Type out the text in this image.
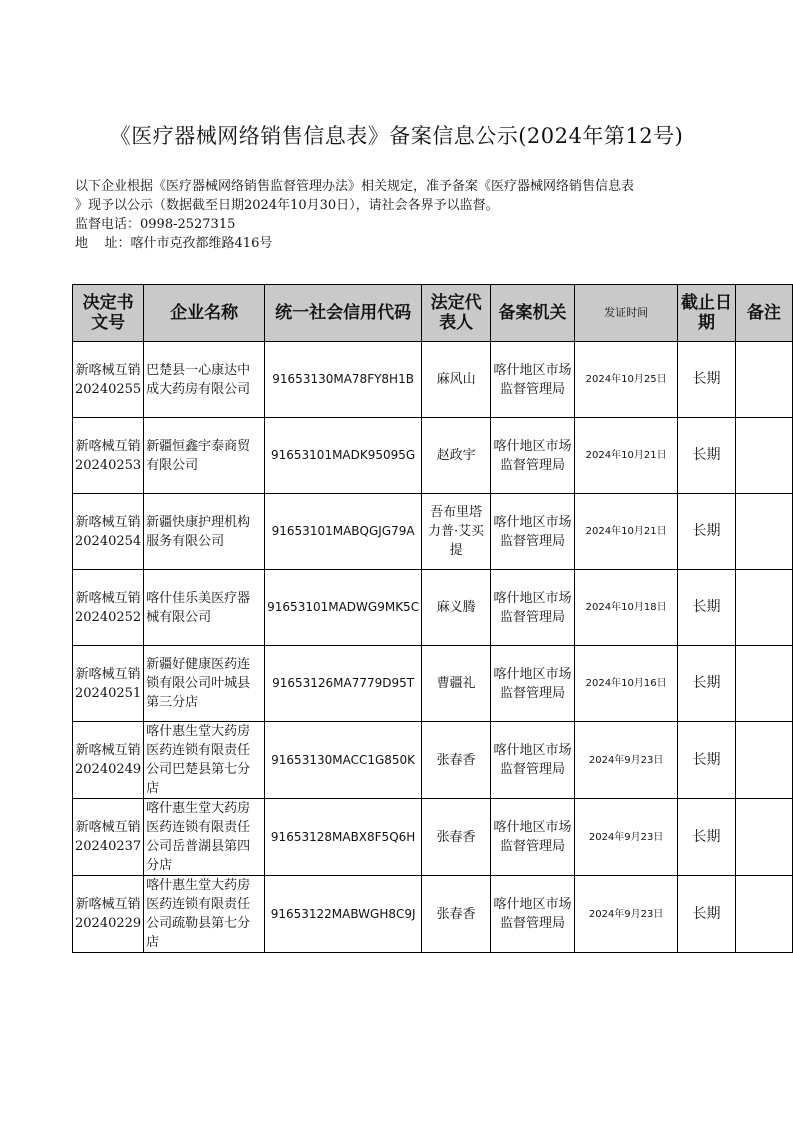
《医疗器械网络销售信息表》备案信息公示(2024年第12号)

以下企业根据《医疗器械网络销售监督管理办法》相关规定，准予备案《医疗器械网络销售信息表

》现予以公示（数据截至日期2024年10月30日），请社会各界予以监督。

监督电话：0998-2527315

地    址：喀什市克孜都维路416号

决定书文号	企业名称	统一社会信用代码	法定代表人	备案机关	发证时间	截止日期	备注
新喀械互销20240255	巴楚县一心康达中成大药房有限公司	91653130MA78FY8H1B	麻风山	喀什地区市场监督管理局	2024年10月25日	长期	
新喀械互销20240253	新疆恒鑫宇泰商贸有限公司	91653101MADK95095G	赵政宇	喀什地区市场监督管理局	2024年10月21日	长期	
新喀械互销20240254	新疆快康护理机构服务有限公司	91653101MABQGJG79A	吾布里塔力普·艾买提	喀什地区市场监督管理局	2024年10月21日	长期	
新喀械互销20240252	喀什佳乐美医疗器械有限公司	91653101MADWG9MK5C	麻义腾	喀什地区市场监督管理局	2024年10月18日	长期	
新喀械互销20240251	新疆好健康医药连锁有限公司叶城县第三分店	91653126MA7779D95T	曹疆礼	喀什地区市场监督管理局	2024年10月16日	长期	
新喀械互销20240249	喀什惠生堂大药房医药连锁有限责任公司巴楚县第七分店	91653130MACC1G850K	张春香	喀什地区市场监督管理局	2024年9月23日	长期	
新喀械互销20240237	喀什惠生堂大药房医药连锁有限责任公司岳普湖县第四分店	91653128MABX8F5Q6H	张春香	喀什地区市场监督管理局	2024年9月23日	长期	
新喀械互销20240229	喀什惠生堂大药房医药连锁有限责任公司疏勒县第七分店	91653122MABWGH8C9J	张春香	喀什地区市场监督管理局	2024年9月23日	长期	
